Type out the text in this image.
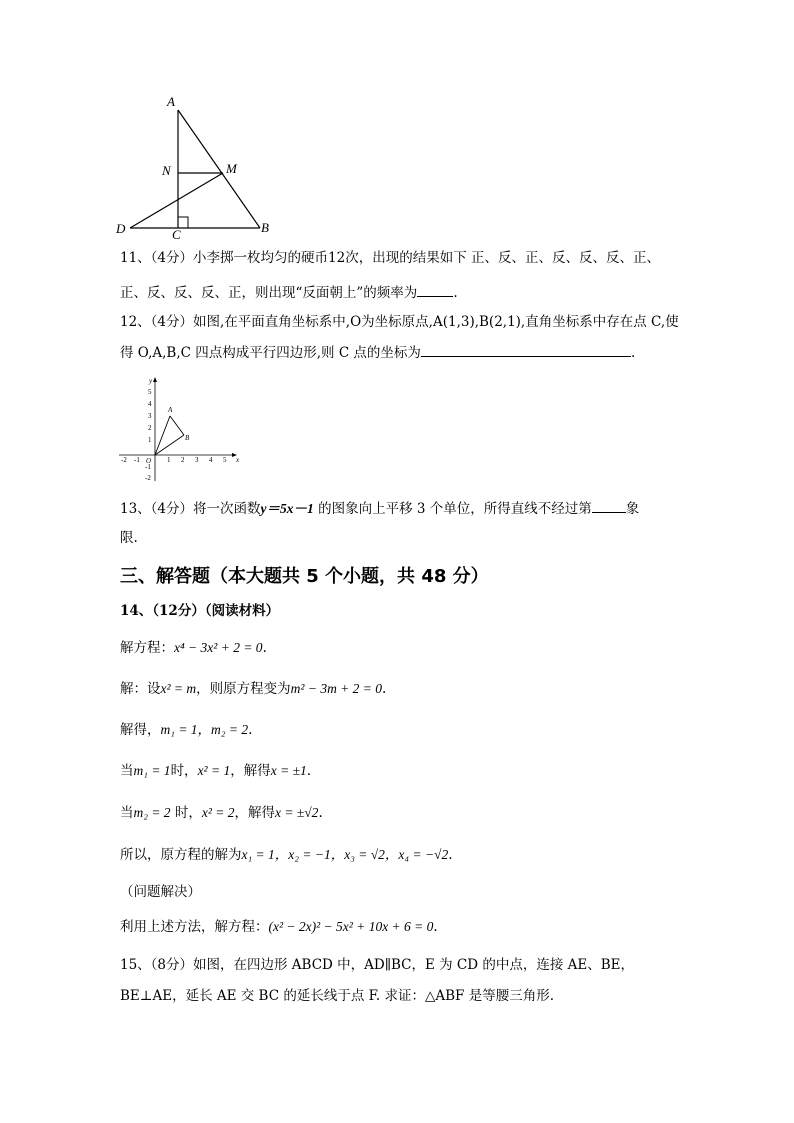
A
N	M
D	C	B
11、（4分）小李掷一枚均匀的硬币12次，出现的结果如下 正、反、正、反、反、反、正、
正、反、反、反、正，则出现“反面朝上”的频率为	.
12、（4分）如图,在平面直角坐标系中,O为坐标原点,A(1,3),B(2,1),直角坐标系中存在点 C,使
得 O,A,B,C 四点构成平行四边形,则 C 点的坐标为	.
y
x
O
A
B
5
4
3
2
1
-1
-2
-2 -1	1 2 3 4 5
13、（4分）将一次函数y＝5x－1 的图象向上平移 3 个单位，所得直线不经过第	象
限.
三、解答题（本大题共 5 个小题，共 48 分）
14、（12分）（阅读材料）
解方程：x⁴ − 3x² + 2 = 0.
解：设x² = m，则原方程变为m² − 3m + 2 = 0.
解得，m₁ = 1，m₂ = 2.
当m₁ = 1时，x² = 1，解得x = ±1.
当m₂ = 2 时，x² = 2，解得x = ±√2.
所以，原方程的解为x₁ = 1，x₂ = −1，x₃ = √2，x₄ = −√2.
（问题解决）
利用上述方法，解方程：(x² − 2x)² − 5x² + 10x + 6 = 0.
15、（8分）如图，在四边形 ABCD 中，AD∥BC，E 为 CD 的中点，连接 AE、BE，
BE⊥AE，延长 AE 交 BC 的延长线于点 F. 求证：△ABF 是等腰三角形.
